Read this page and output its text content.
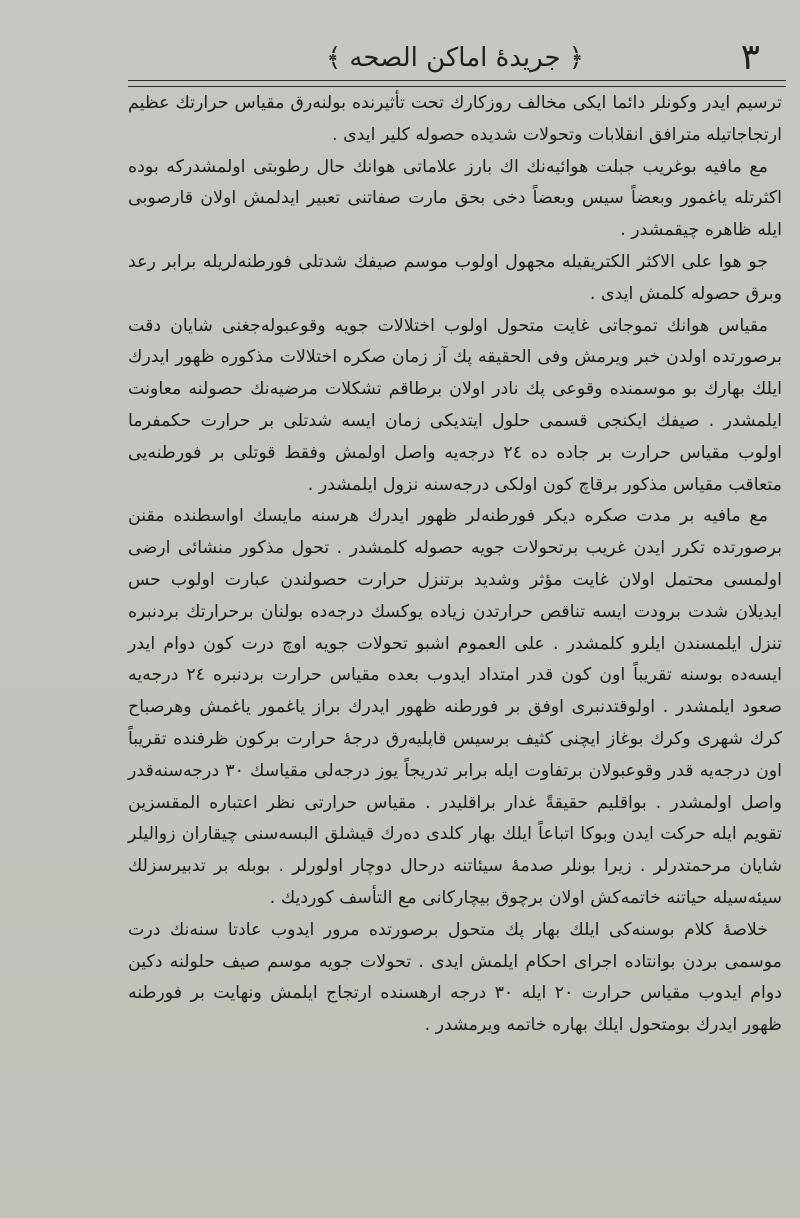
٣
﴿ جريدۀ اماكن الصحه ﴾

ترسيم ايدر وكونلر دائما ايكى مخالف روزكارك تحت تأثيرنده بولنه‌رق مقياس حرارتك عظيم ارتجاجاتيله مترافق انقلابات وتحولات شديده حصوله كلير ايدى .

مع مافيه بوغريب جبلت هوائيه‌نك اك بارز علاماتى هوانك حال رطوبتى اولمشدركه بوده اكثرتله ياغمور وبعضاً سيس وبعضاً دخى بحق مارت صفاتنى تعبير ايدلمش اولان قارصوبى ايله ظاهره چيقمشدر .

جو هوا على الاكثر الكتريقيله مجهول اولوب موسم صيفك شدتلى فورطنه‌لريله برابر رعد وبرق حصوله كلمش ايدى .

مقياس هوانك تموجاتى غايت متحول اولوب اختلالات جويه وقوعبوله‌جغنى شايان دقت برصورتده اولدن خبر ويرمش وفى الحقيقه پك آز زمان صكره اختلالات مذكوره ظهور ايدرك ايلك بهارك بو موسمنده وقوعى پك نادر اولان برطاقم تشكلات مرضيه‌نك حصولنه معاونت ايلمشدر . صيفك ايكنجى قسمى حلول ايتديكى زمان ايسه شدتلى بر حرارت حكمفرما اولوب مقياس حرارت بر جاده ده ٢٤ درجه‌يه واصل اولمش وفقط قوتلى بر فورطنه‌يى متعاقب مقياس مذكور برقاچ كون اولكى درجه‌سنه نزول ايلمشدر .

مع مافيه بر مدت صكره ديكر فورطنه‌لر ظهور ايدرك هرسنه مايسك اواسطنده مقنن برصورتده تكرر ايدن غريب برتحولات جويه حصوله كلمشدر . تحول مذكور منشائى ارضى اولمسى محتمل اولان غايت مؤثر وشديد برتنزل حرارت حصولندن عبارت اولوب حس ايديلان شدت برودت ايسه تناقص حرارتدن زياده يوكسك درجه‌ده بولنان برحرارتك بردنبره تنزل ايلمسندن ايلرو كلمشدر . على العموم اشبو تحولات جويه اوچ درت كون دوام ايدر ايسه‌ده بوسنه تقريباً اون كون قدر امتداد ايدوب بعده مقياس حرارت بردنبره ٢٤ درجه‌يه صعود ايلمشدر . اولوقتدنبرى اوفق بر فورطنه ظهور ايدرك براز ياغمور ياغمش وهرصباح كرك شهرى وكرك بوغاز ايچنى كثيف برسيس قاپليه‌رق درجۀ حرارت بركون ظرفنده تقريباً اون درجه‌يه قدر وقوعبولان برتفاوت ايله برابر تدريجاً يوز درجه‌لى مقياسك ٣٠ درجه‌سنه‌قدر واصل اولمشدر . بواقليم حقيقةً غدار براقليدر . مقياس حرارتى نظر اعتباره المقسزين تقويم ايله حركت ايدن وبوكا اتباعاً ايلك بهار كلدى ده‌رك قيشلق البسه‌سنى چيقاران زواليلر شايان مرحمتدرلر . زيرا بونلر صدمۀ سيئاتنه درحال دوچار اولورلر . بوبله بر تدبيرسزلك سيئه‌سيله حياتنه خاتمه‌كش اولان برچوق بيچاركانى مع التأسف كورديك .

خلاصۀ كلام بوسنه‌كى ايلك بهار پك متحول برصورتده مرور ايدوب عادتا سنه‌نك درت موسمى بردن بوانتاده اجراى احكام ايلمش ايدى . تحولات جويه موسم صيف حلولنه دكين دوام ايدوب مقياس حرارت ٢٠ ايله ٣٠ درجه ارهسنده ارتجاج ايلمش ونهايت بر فورطنه ظهور ايدرك بومتحول ايلك بهاره خاتمه ويرمشدر .
